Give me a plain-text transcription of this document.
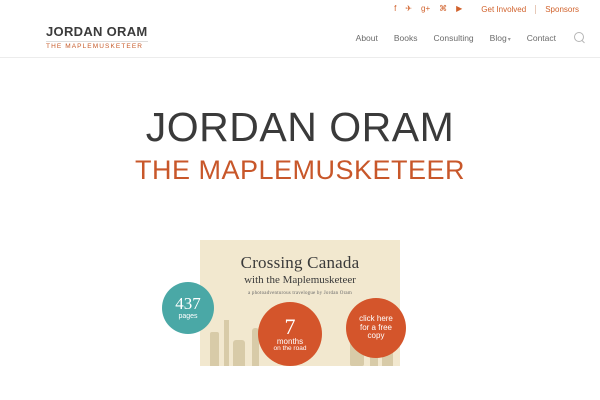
f ✈ g+ ⌘ ▶	Get Involved	Sponsors
JORDAN ORAM
THE MAPLEMUSKETEER
About	Books	Consulting	Blog▾	Contact
JORDAN ORAM
THE MAPLEMUSKETEER
Crossing Canada
with the Maplemusketeer
a photoadventurous travelogue by Jordan Oram
437
pages	7
months
on the road
click here
for a free
copy
